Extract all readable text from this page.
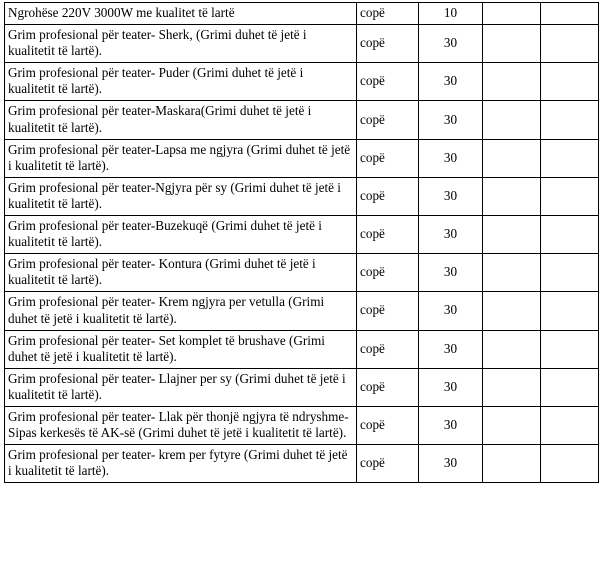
Ngrohëse 220V 3000W me kualitet të lartë	copë	10		

Grim profesional për teater- Sherk, (Grimi duhet të jetë i kualitetit të lartë).	copë	30		

Grim profesional për teater- Puder (Grimi duhet të jetë i kualitetit të lartë).	copë	30		

Grim profesional për teater-Maskara(Grimi duhet të jetë i kualitetit të lartë).	copë	30		

Grim profesional për teater-Lapsa me ngjyra (Grimi duhet të jetë i kualitetit të lartë).	copë	30		

Grim profesional për teater-Ngjyra për sy (Grimi duhet të jetë i kualitetit të lartë).	copë	30		

Grim profesional për teater-Buzekuqë (Grimi duhet të jetë i kualitetit të lartë).	copë	30		

Grim profesional për teater- Kontura (Grimi duhet të jetë i kualitetit të lartë).	copë	30		

Grim profesional për teater- Krem ngjyra per vetulla (Grimi duhet të jetë i kualitetit të lartë).	copë	30		

Grim profesional për teater- Set komplet të brushave (Grimi duhet të jetë i kualitetit të lartë).	copë	30		

Grim profesional për teater- Llajner per sy (Grimi duhet të jetë i kualitetit të lartë).	copë	30		

Grim profesional për teater- Llak për thonjë ngjyra të ndryshme-Sipas kerkesës të AK-së (Grimi duhet të jetë i kualitetit të lartë).	copë	30		

Grim profesional per teater- krem per fytyre (Grimi duhet të jetë i kualitetit të lartë).	copë	30		
